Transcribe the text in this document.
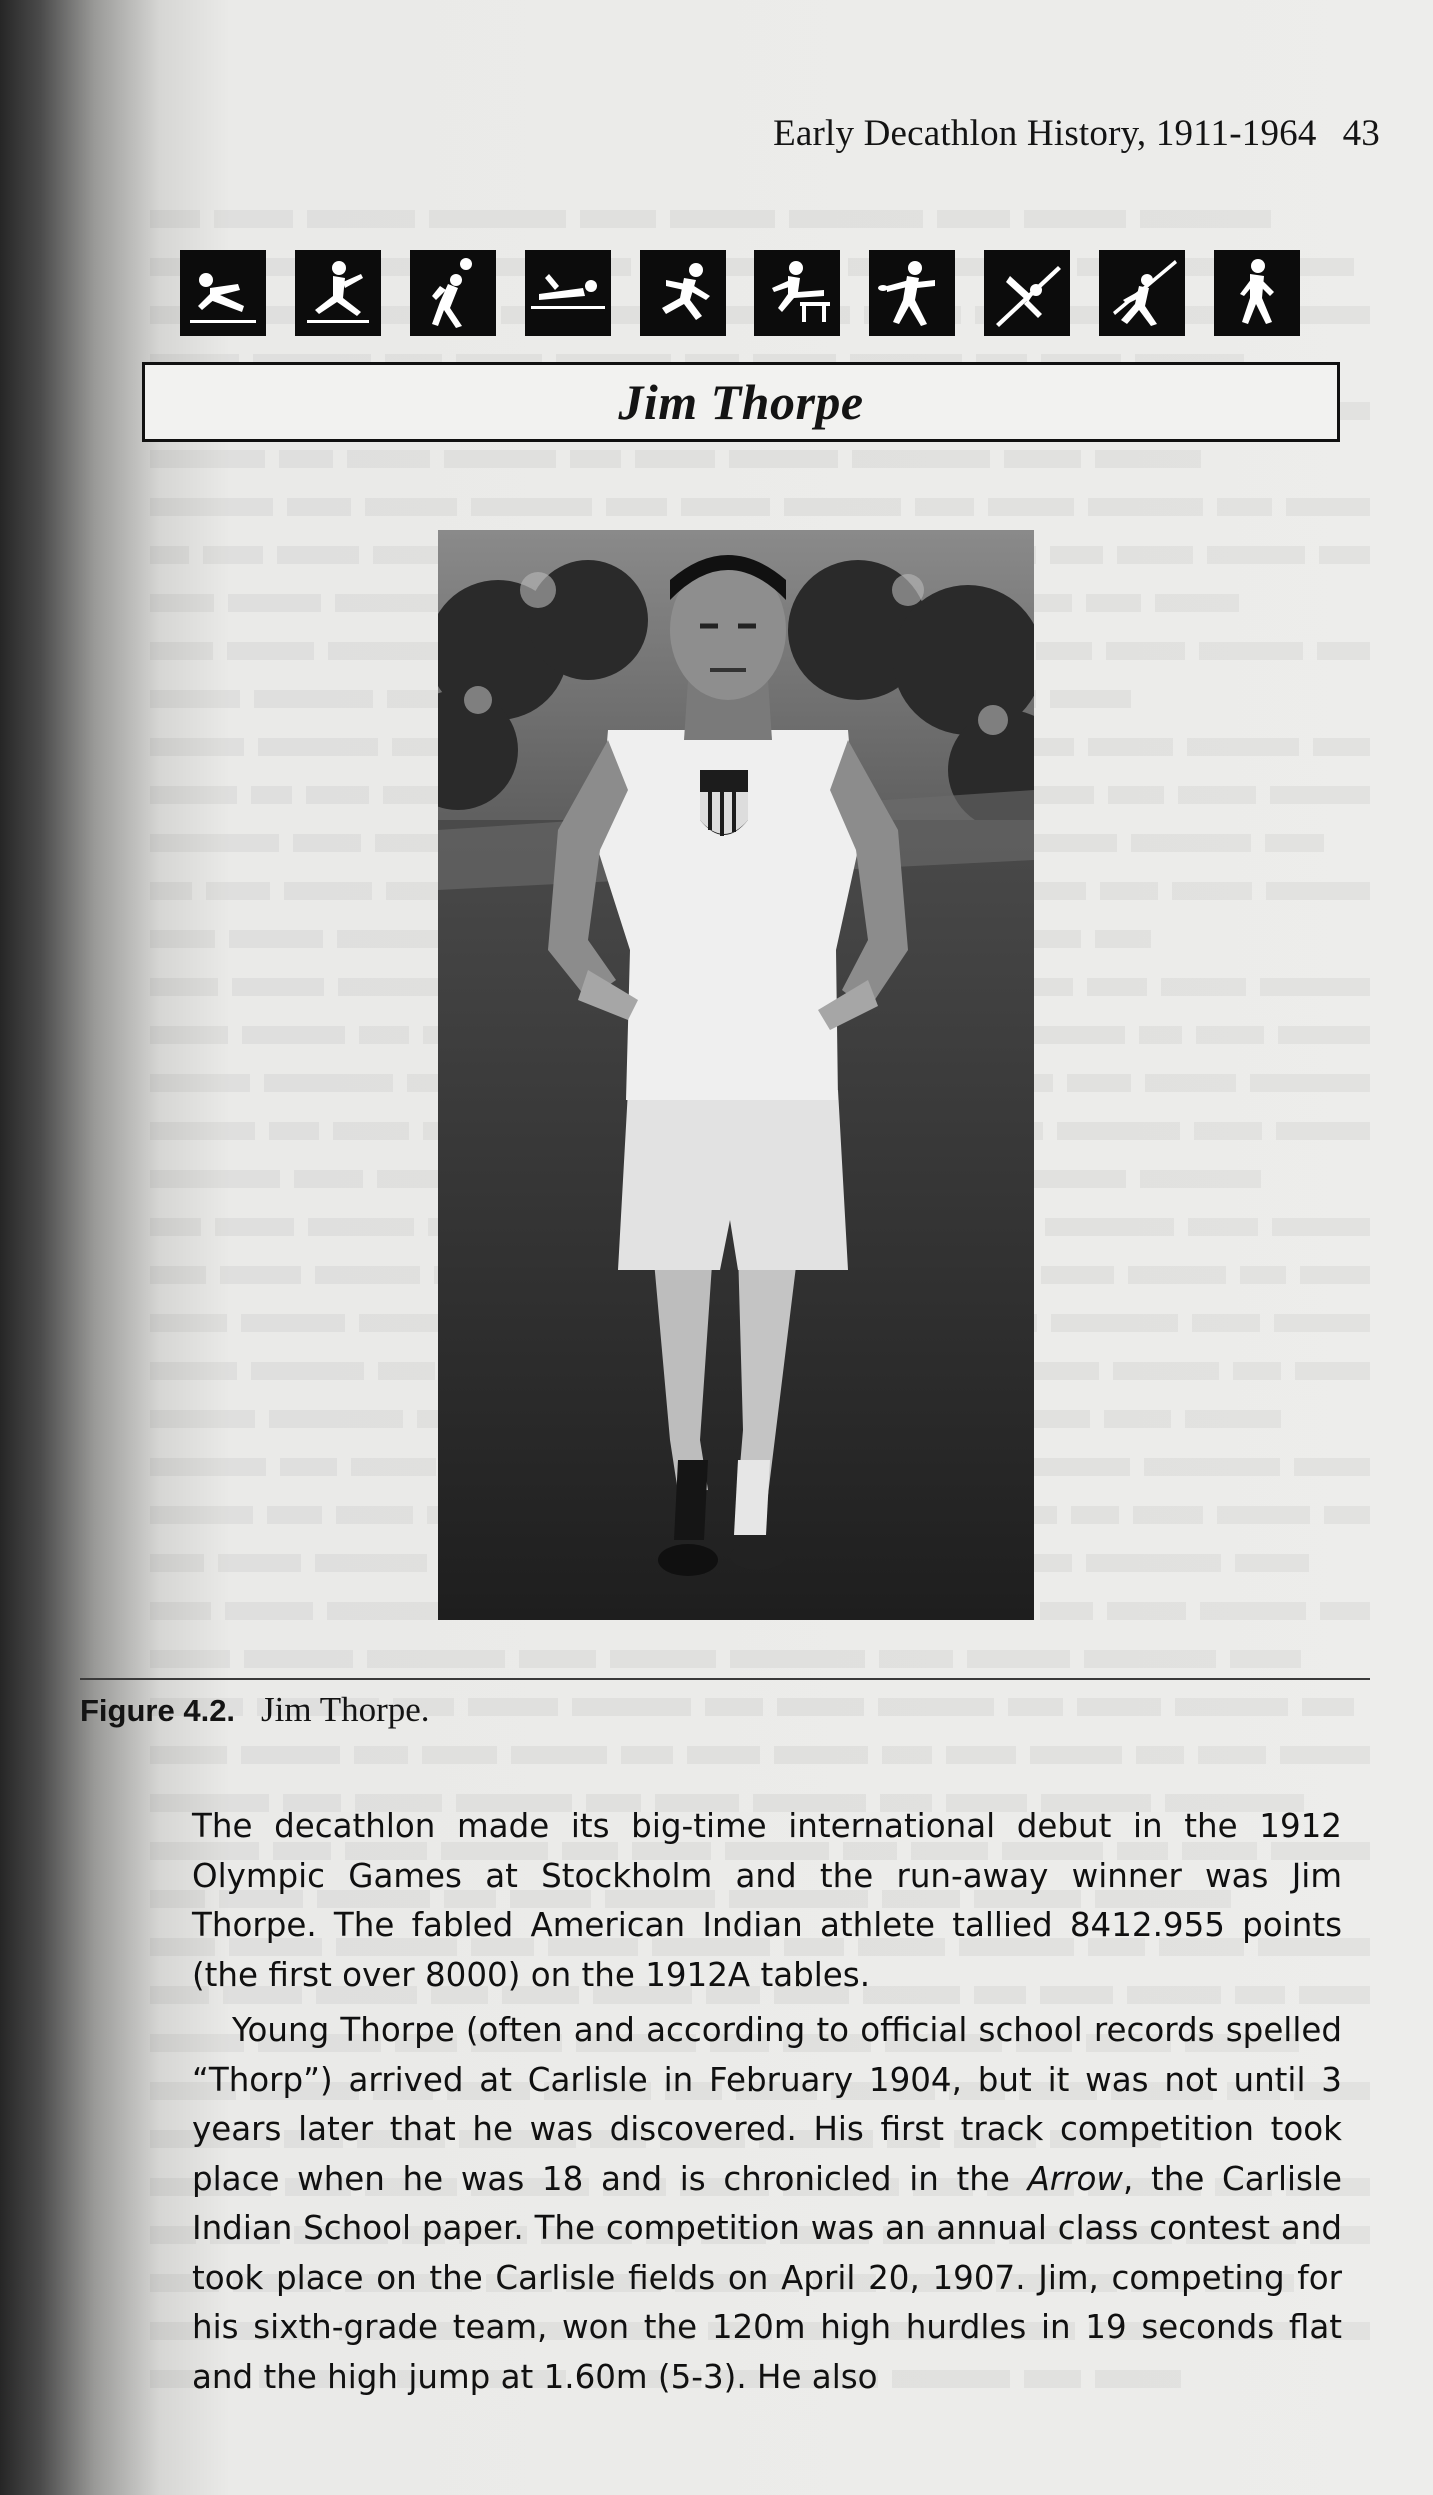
Early Decathlon History, 1911-1964 43
Jim Thorpe
Figure 4.2. Jim Thorpe.

The decathlon made its big-time international debut in the 1912 Olympic Games at Stockholm and the run-away winner was Jim Thorpe. The fabled American Indian athlete tallied 8412.955 points (the first over 8000) on the 1912A tables.

Young Thorpe (often and according to official school records spelled “Thorp”) arrived at Carlisle in February 1904, but it was not until 3 years later that he was discovered. His first track competition took place when he was 18 and is chronicled in the Arrow, the Carlisle Indian School paper. The competition was an annual class contest and took place on the Carlisle fields on April 20, 1907. Jim, competing for his sixth-grade team, won the 120m high hurdles in 19 seconds flat and the high jump at 1.60m (5-3). He also
